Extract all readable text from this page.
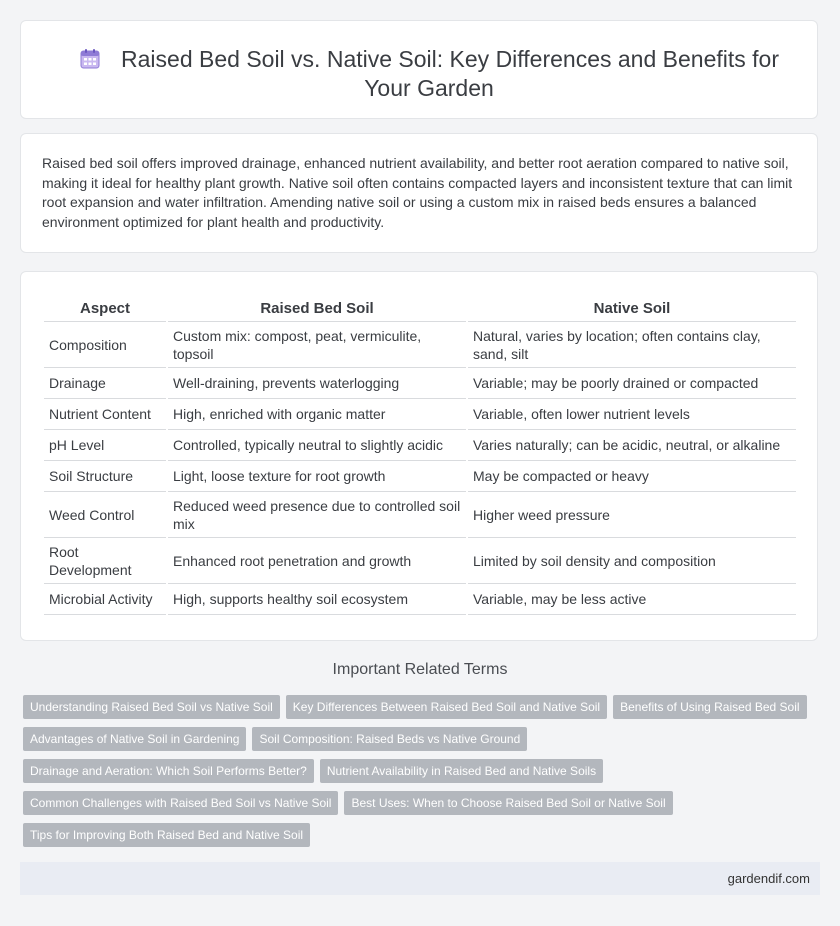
Raised Bed Soil vs. Native Soil: Key Differences and Benefits for Your Garden

Raised bed soil offers improved drainage, enhanced nutrient availability, and better root aeration compared to native soil, making it ideal for healthy plant growth. Native soil often contains compacted layers and inconsistent texture that can limit root expansion and water infiltration. Amending native soil or using a custom mix in raised beds ensures a balanced environment optimized for plant health and productivity.

Aspect	Raised Bed Soil	Native Soil
Composition	Custom mix: compost, peat, vermiculite, topsoil	Natural, varies by location; often contains clay, sand, silt
Drainage	Well-draining, prevents waterlogging	Variable; may be poorly drained or compacted
Nutrient Content	High, enriched with organic matter	Variable, often lower nutrient levels
pH Level	Controlled, typically neutral to slightly acidic	Varies naturally; can be acidic, neutral, or alkaline
Soil Structure	Light, loose texture for root growth	May be compacted or heavy
Weed Control	Reduced weed presence due to controlled soil mix	Higher weed pressure
Root Development	Enhanced root penetration and growth	Limited by soil density and composition
Microbial Activity	High, supports healthy soil ecosystem	Variable, may be less active
Important Related Terms
Understanding Raised Bed Soil vs Native Soil Key Differences Between Raised Bed Soil and Native Soil Benefits of Using Raised Bed Soil
Advantages of Native Soil in Gardening Soil Composition: Raised Beds vs Native Ground
Drainage and Aeration: Which Soil Performs Better? Nutrient Availability in Raised Bed and Native Soils
Common Challenges with Raised Bed Soil vs Native Soil Best Uses: When to Choose Raised Bed Soil or Native Soil
Tips for Improving Both Raised Bed and Native Soil
gardendif.com
